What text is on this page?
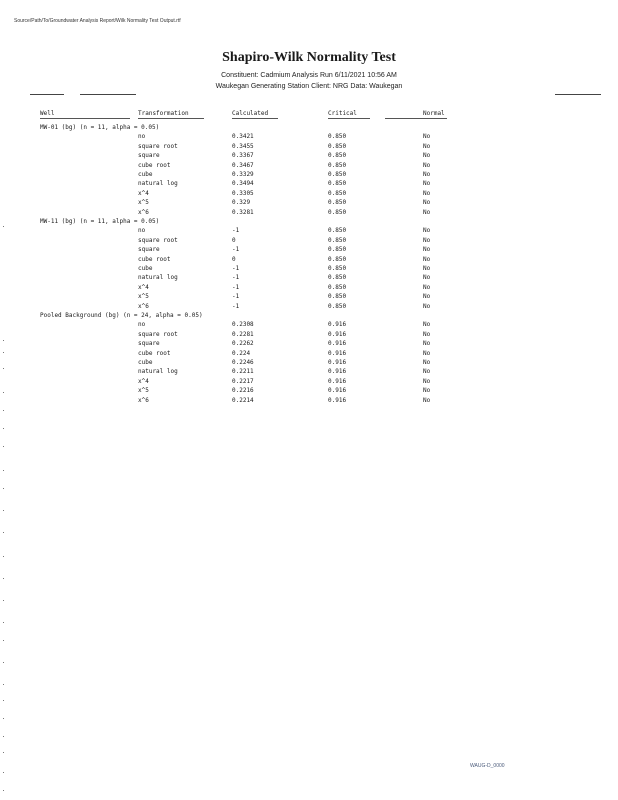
Source/Path/To/Groundwater Analysis Report/Wilk Normality Test Output.rtf
Shapiro-Wilk Normality Test
Constituent: Cadmium Analysis Run 6/11/2021 10:56 AM
Waukegan Generating Station Client: NRG Data: Waukegan
Well	Transformation	Calculated	Critical	Normal
MW-01 (bg) (n = 11, alpha = 0.05)
no	0.3421	0.850	No
square root	0.3455	0.850	No
square	0.3367	0.850	No
cube root	0.3467	0.850	No
cube	0.3329	0.850	No
natural log	0.3494	0.850	No
x^4	0.3305	0.850	No
x^5	0.329	0.850	No
x^6	0.3281	0.850	No
MW-11 (bg) (n = 11, alpha = 0.05)
no	-1	0.850	No
square root	0	0.850	No
square	-1	0.850	No
cube root	0	0.850	No
cube	-1	0.850	No
natural log	-1	0.850	No
x^4	-1	0.850	No
x^5	-1	0.850	No
x^6	-1	0.850	No
Pooled Background (bg) (n = 24, alpha = 0.05)
no	0.2308	0.916	No
square root	0.2281	0.916	No
square	0.2262	0.916	No
cube root	0.224	0.916	No
cube	0.2246	0.916	No
natural log	0.2211	0.916	No
x^4	0.2217	0.916	No
x^5	0.2216	0.916	No
x^6	0.2214	0.916	No
WAUG-D_0000
